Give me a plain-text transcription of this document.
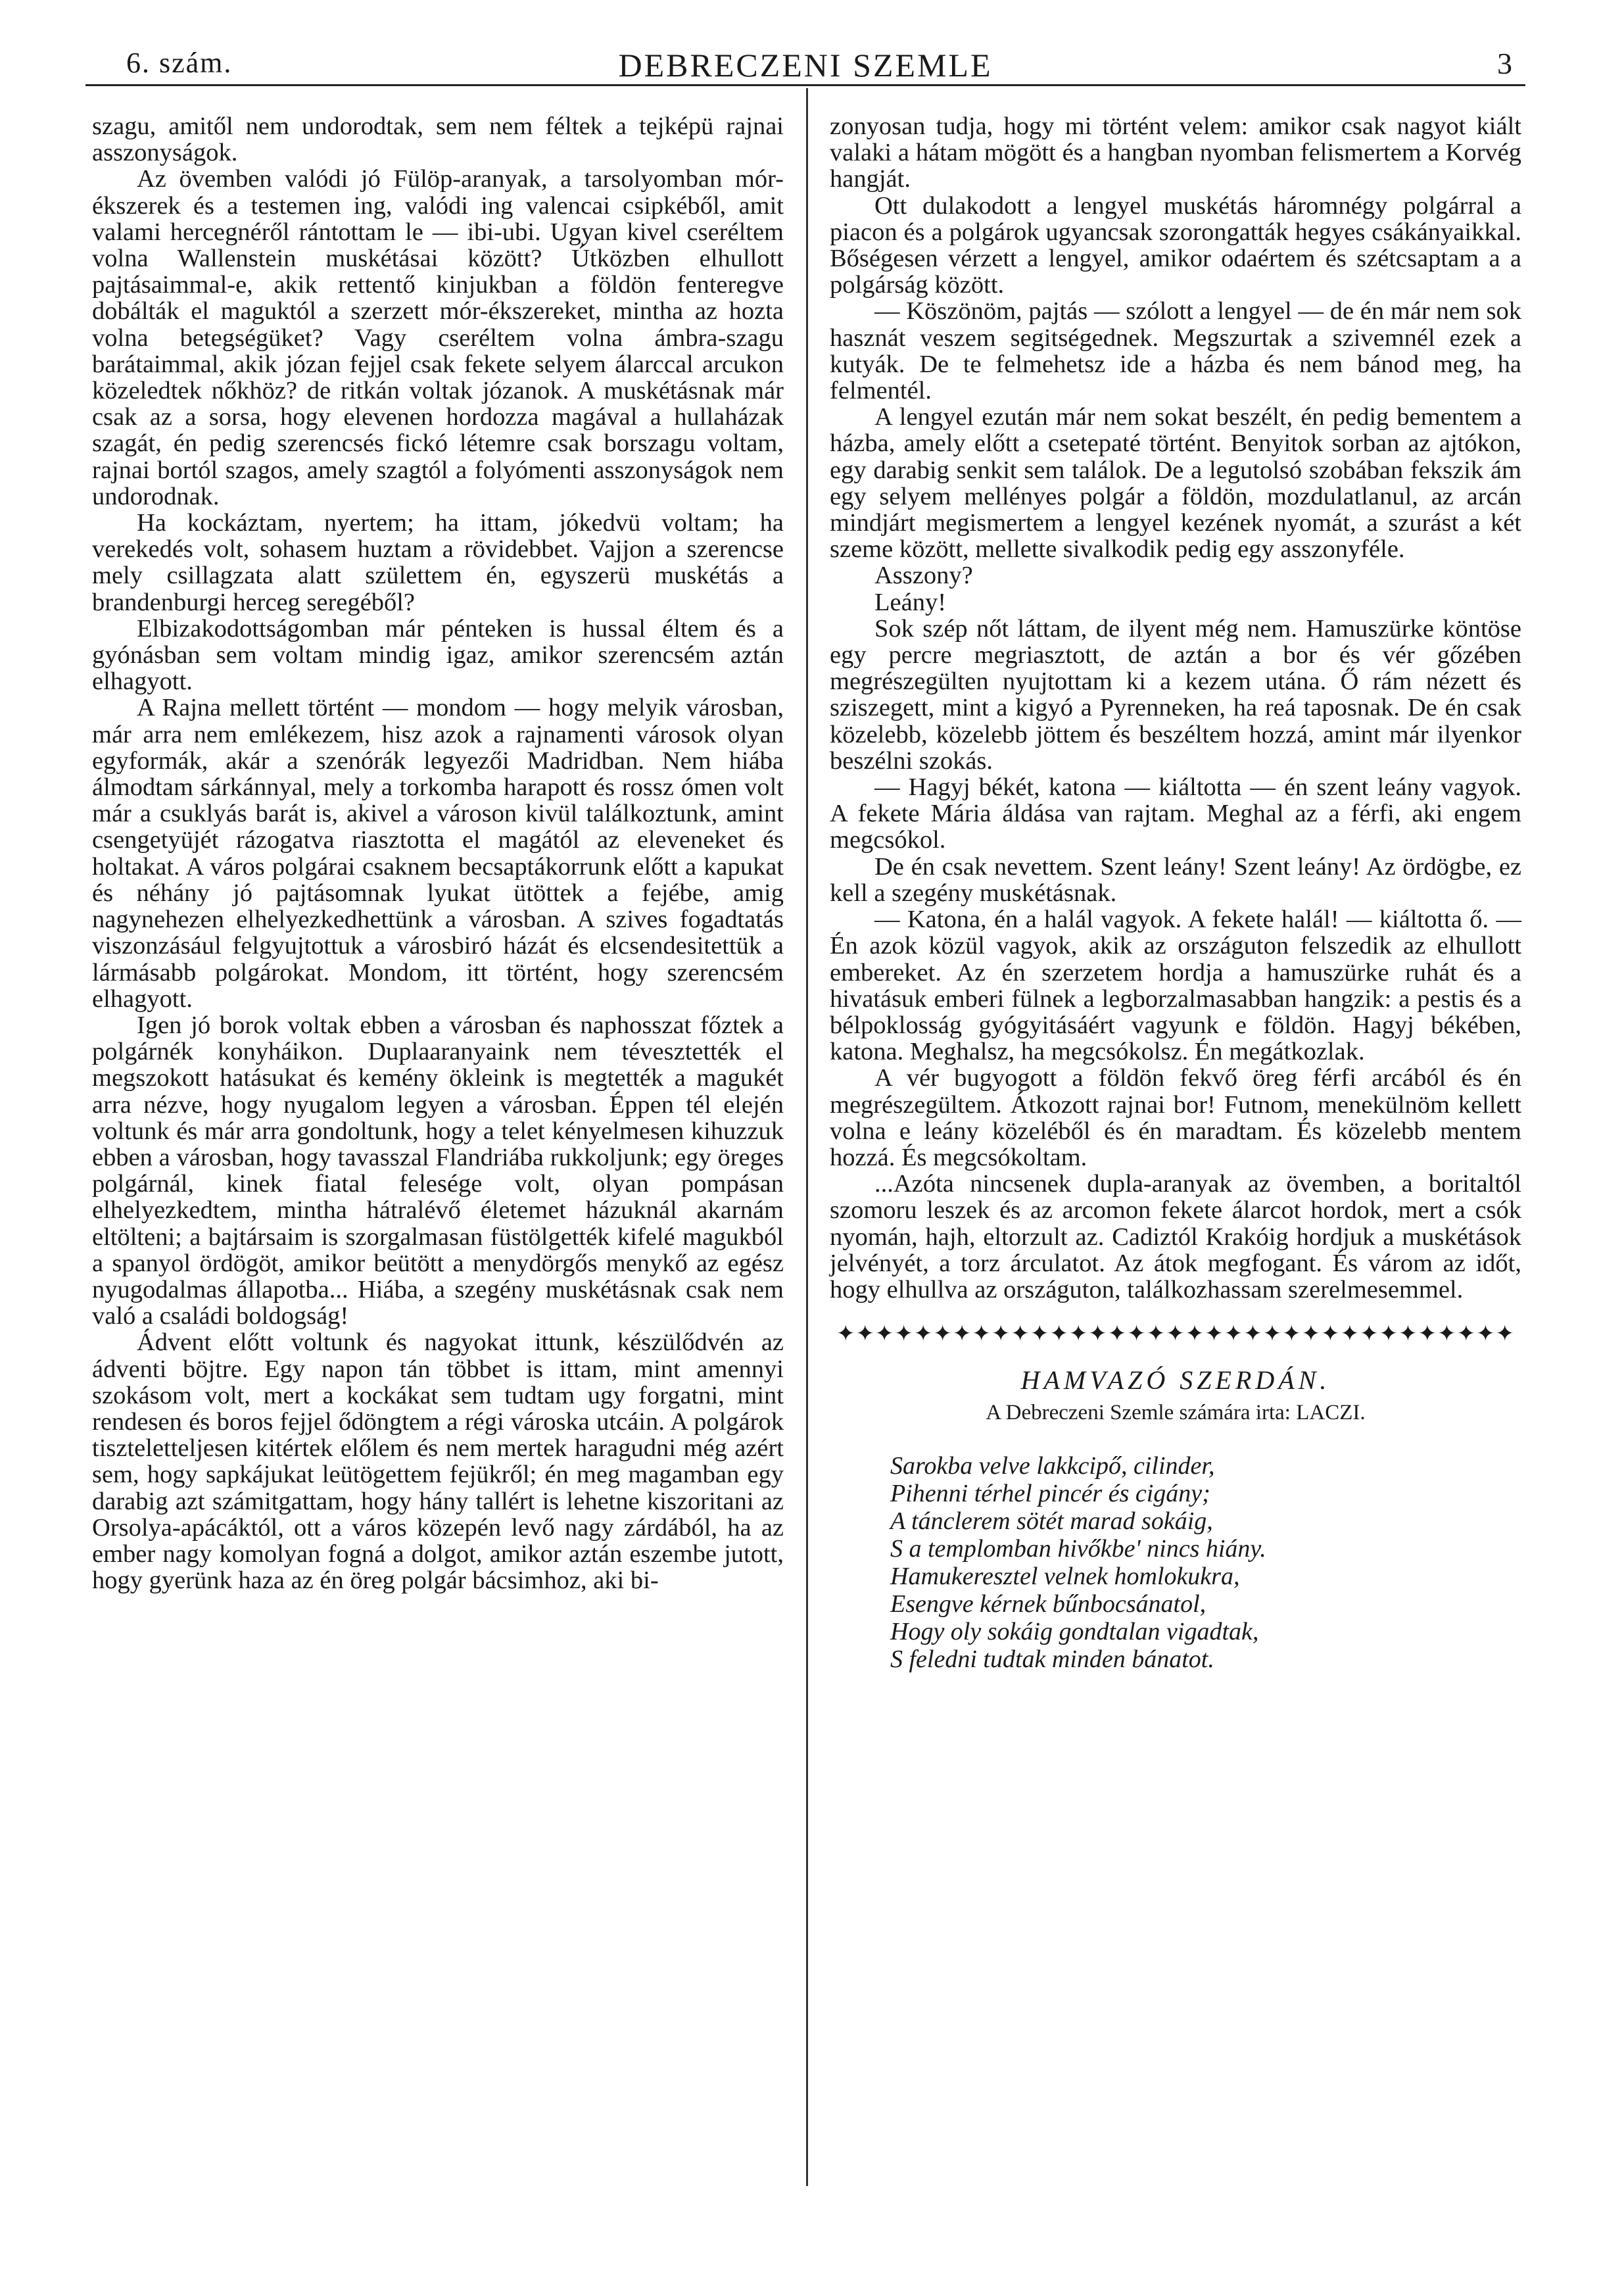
6. szám.	DEBRECZENI SZEMLE	3

szagu, amitől nem undorodtak, sem nem féltek a tejképü rajnai asszonyságok.

Az övemben valódi jó Fülöp-aranyak, a tarsolyomban mór-ékszerek és a testemen ing, valódi ing valencai csipkéből, amit valami hercegnéről rántottam le — ibi-ubi. Ugyan kivel cseréltem volna Wallenstein muskétásai között? Útközben elhullott pajtásaimmal-e, akik rettentő kinjukban a földön fenteregve dobálták el maguktól a szerzett mór-ékszereket, mintha az hozta volna betegségüket? Vagy cseréltem volna ámbra-szagu barátaimmal, akik józan fejjel csak fekete selyem álarccal arcukon közeledtek nőkhöz? de ritkán voltak józanok. A muskétásnak már csak az a sorsa, hogy elevenen hordozza magával a hullaházak szagát, én pedig szerencsés fickó létemre csak borszagu voltam, rajnai bortól szagos, amely szagtól a folyómenti asszonyságok nem undorodnak.

Ha kockáztam, nyertem; ha ittam, jókedvü voltam; ha verekedés volt, sohasem huztam a rövidebbet. Vajjon a szerencse mely csillagzata alatt születtem én, egyszerü muskétás a brandenburgi herceg seregéből?

Elbizakodottságomban már pénteken is hussal éltem és a gyónásban sem voltam mindig igaz, amikor szerencsém aztán elhagyott.

A Rajna mellett történt — mondom — hogy melyik városban, már arra nem emlékezem, hisz azok a rajnamenti városok olyan egyformák, akár a szenórák legyezői Madridban. Nem hiába álmodtam sárkánnyal, mely a torkomba harapott és rossz ómen volt már a csuklyás barát is, akivel a városon kivül találkoztunk, amint csengetyüjét rázogatva riasztotta el magától az eleveneket és holtakat. A város polgárai csaknem becsaptákorrunk előtt a kapukat és néhány jó pajtásomnak lyukat ütöttek a fejébe, amig nagynehezen elhelyezkedhettünk a városban. A szives fogadtatás viszonzásául felgyujtottuk a városbiró házát és elcsendesitettük a lármásabb polgárokat. Mondom, itt történt, hogy szerencsém elhagyott.

Igen jó borok voltak ebben a városban és naphosszat főztek a polgárnék konyháikon. Duplaaranyaink nem tévesztették el megszokott hatásukat és kemény ökleink is megtették a magukét arra nézve, hogy nyugalom legyen a városban. Éppen tél elején voltunk és már arra gondoltunk, hogy a telet kényelmesen kihuzzuk ebben a városban, hogy tavasszal Flandriába rukkoljunk; egy öreges polgárnál, kinek fiatal felesége volt, olyan pompásan elhelyezkedtem, mintha hátralévő életemet házuknál akarnám eltölteni; a bajtársaim is szorgalmasan füstölgették kifelé magukból a spanyol ördögöt, amikor beütött a menydörgős menykő az egész nyugodalmas állapotba... Hiába, a szegény muskétásnak csak nem való a családi boldogság!

Ádvent előtt voltunk és nagyokat ittunk, készülődvén az ádventi böjtre. Egy napon tán többet is ittam, mint amennyi szokásom volt, mert a kockákat sem tudtam ugy forgatni, mint rendesen és boros fejjel ődöngtem a régi városka utcáin. A polgárok tiszteletteljesen kitértek előlem és nem mertek haragudni még azért sem, hogy sapkájukat leütögettem fejükről; én meg magamban egy darabig azt számitgattam, hogy hány tallért is lehetne kiszoritani az Orsolya-apácáktól, ott a város közepén levő nagy zárdából, ha az ember nagy komolyan fogná a dolgot, amikor aztán eszembe jutott, hogy gyerünk haza az én öreg polgár bácsimhoz, aki bi-

zonyosan tudja, hogy mi történt velem: amikor csak nagyot kiált valaki a hátam mögött és a hangban nyomban felismertem a Korvég hangját.

Ott dulakodott a lengyel muskétás háromnégy polgárral a piacon és a polgárok ugyancsak szorongatták hegyes csákányaikkal. Bőségesen vérzett a lengyel, amikor odaértem és szétcsaptam a a polgárság között.

— Köszönöm, pajtás — szólott a lengyel — de én már nem sok hasznát veszem segitségednek. Megszurtak a szivemnél ezek a kutyák. De te felmehetsz ide a házba és nem bánod meg, ha felmentél.

A lengyel ezután már nem sokat beszélt, én pedig bementem a házba, amely előtt a csetepaté történt. Benyitok sorban az ajtókon, egy darabig senkit sem találok. De a legutolsó szobában fekszik ám egy selyem mellényes polgár a földön, mozdulatlanul, az arcán mindjárt megismertem a lengyel kezének nyomát, a szurást a két szeme között, mellette sivalkodik pedig egy asszonyféle.

Asszony?

Leány!

Sok szép nőt láttam, de ilyent még nem. Hamuszürke köntöse egy percre megriasztott, de aztán a bor és vér gőzében megrészegülten nyujtottam ki a kezem utána. Ő rám nézett és sziszegett, mint a kigyó a Pyrenneken, ha reá taposnak. De én csak közelebb, közelebb jöttem és beszéltem hozzá, amint már ilyenkor beszélni szokás.

— Hagyj békét, katona — kiáltotta — én szent leány vagyok. A fekete Mária áldása van rajtam. Meghal az a férfi, aki engem megcsókol.

De én csak nevettem. Szent leány! Szent leány! Az ördögbe, ez kell a szegény muskétásnak.

— Katona, én a halál vagyok. A fekete halál! — kiáltotta ő. — Én azok közül vagyok, akik az országuton felszedik az elhullott embereket. Az én szerzetem hordja a hamuszürke ruhát és a hivatásuk emberi fülnek a legborzalmasabban hangzik: a pestis és a bélpoklosság gyógyitásáért vagyunk e földön. Hagyj békében, katona. Meghalsz, ha megcsókolsz. Én megátkozlak.

A vér bugyogott a földön fekvő öreg férfi arcából és én megrészegültem. Átkozott rajnai bor! Futnom, menekülnöm kellett volna e leány közeléből és én maradtam. És közelebb mentem hozzá. És megcsókoltam.

...Azóta nincsenek dupla-aranyak az övemben, a boritaltól szomoru leszek és az arcomon fekete álarcot hordok, mert a csók nyomán, hajh, eltorzult az. Cadiztól Krakóig hordjuk a muskétások jelvényét, a torz árculatot. Az átok megfogant. És várom az időt, hogy elhullva az országuton, találkozhassam szerelmesemmel.

✦✦✦✦✦✦✦✦✦✦✦✦✦✦✦✦✦✦✦✦✦✦✦✦✦✦✦✦✦✦✦✦✦✦✦
HAMVAZÓ SZERDÁN.
A Debreczeni Szemle számára irta: LACZI.
Sarokba velve lakkcipő, cilinder,
Pihenni térhel pincér és cigány;
A tánclerem sötét marad sokáig,
S a templomban hivőkbe' nincs hiány.
Hamukeresztel velnek homlokukra,
Esengve kérnek bűnbocsánatol,
Hogy oly sokáig gondtalan vigadtak,
S feledni tudtak minden bánatot.
